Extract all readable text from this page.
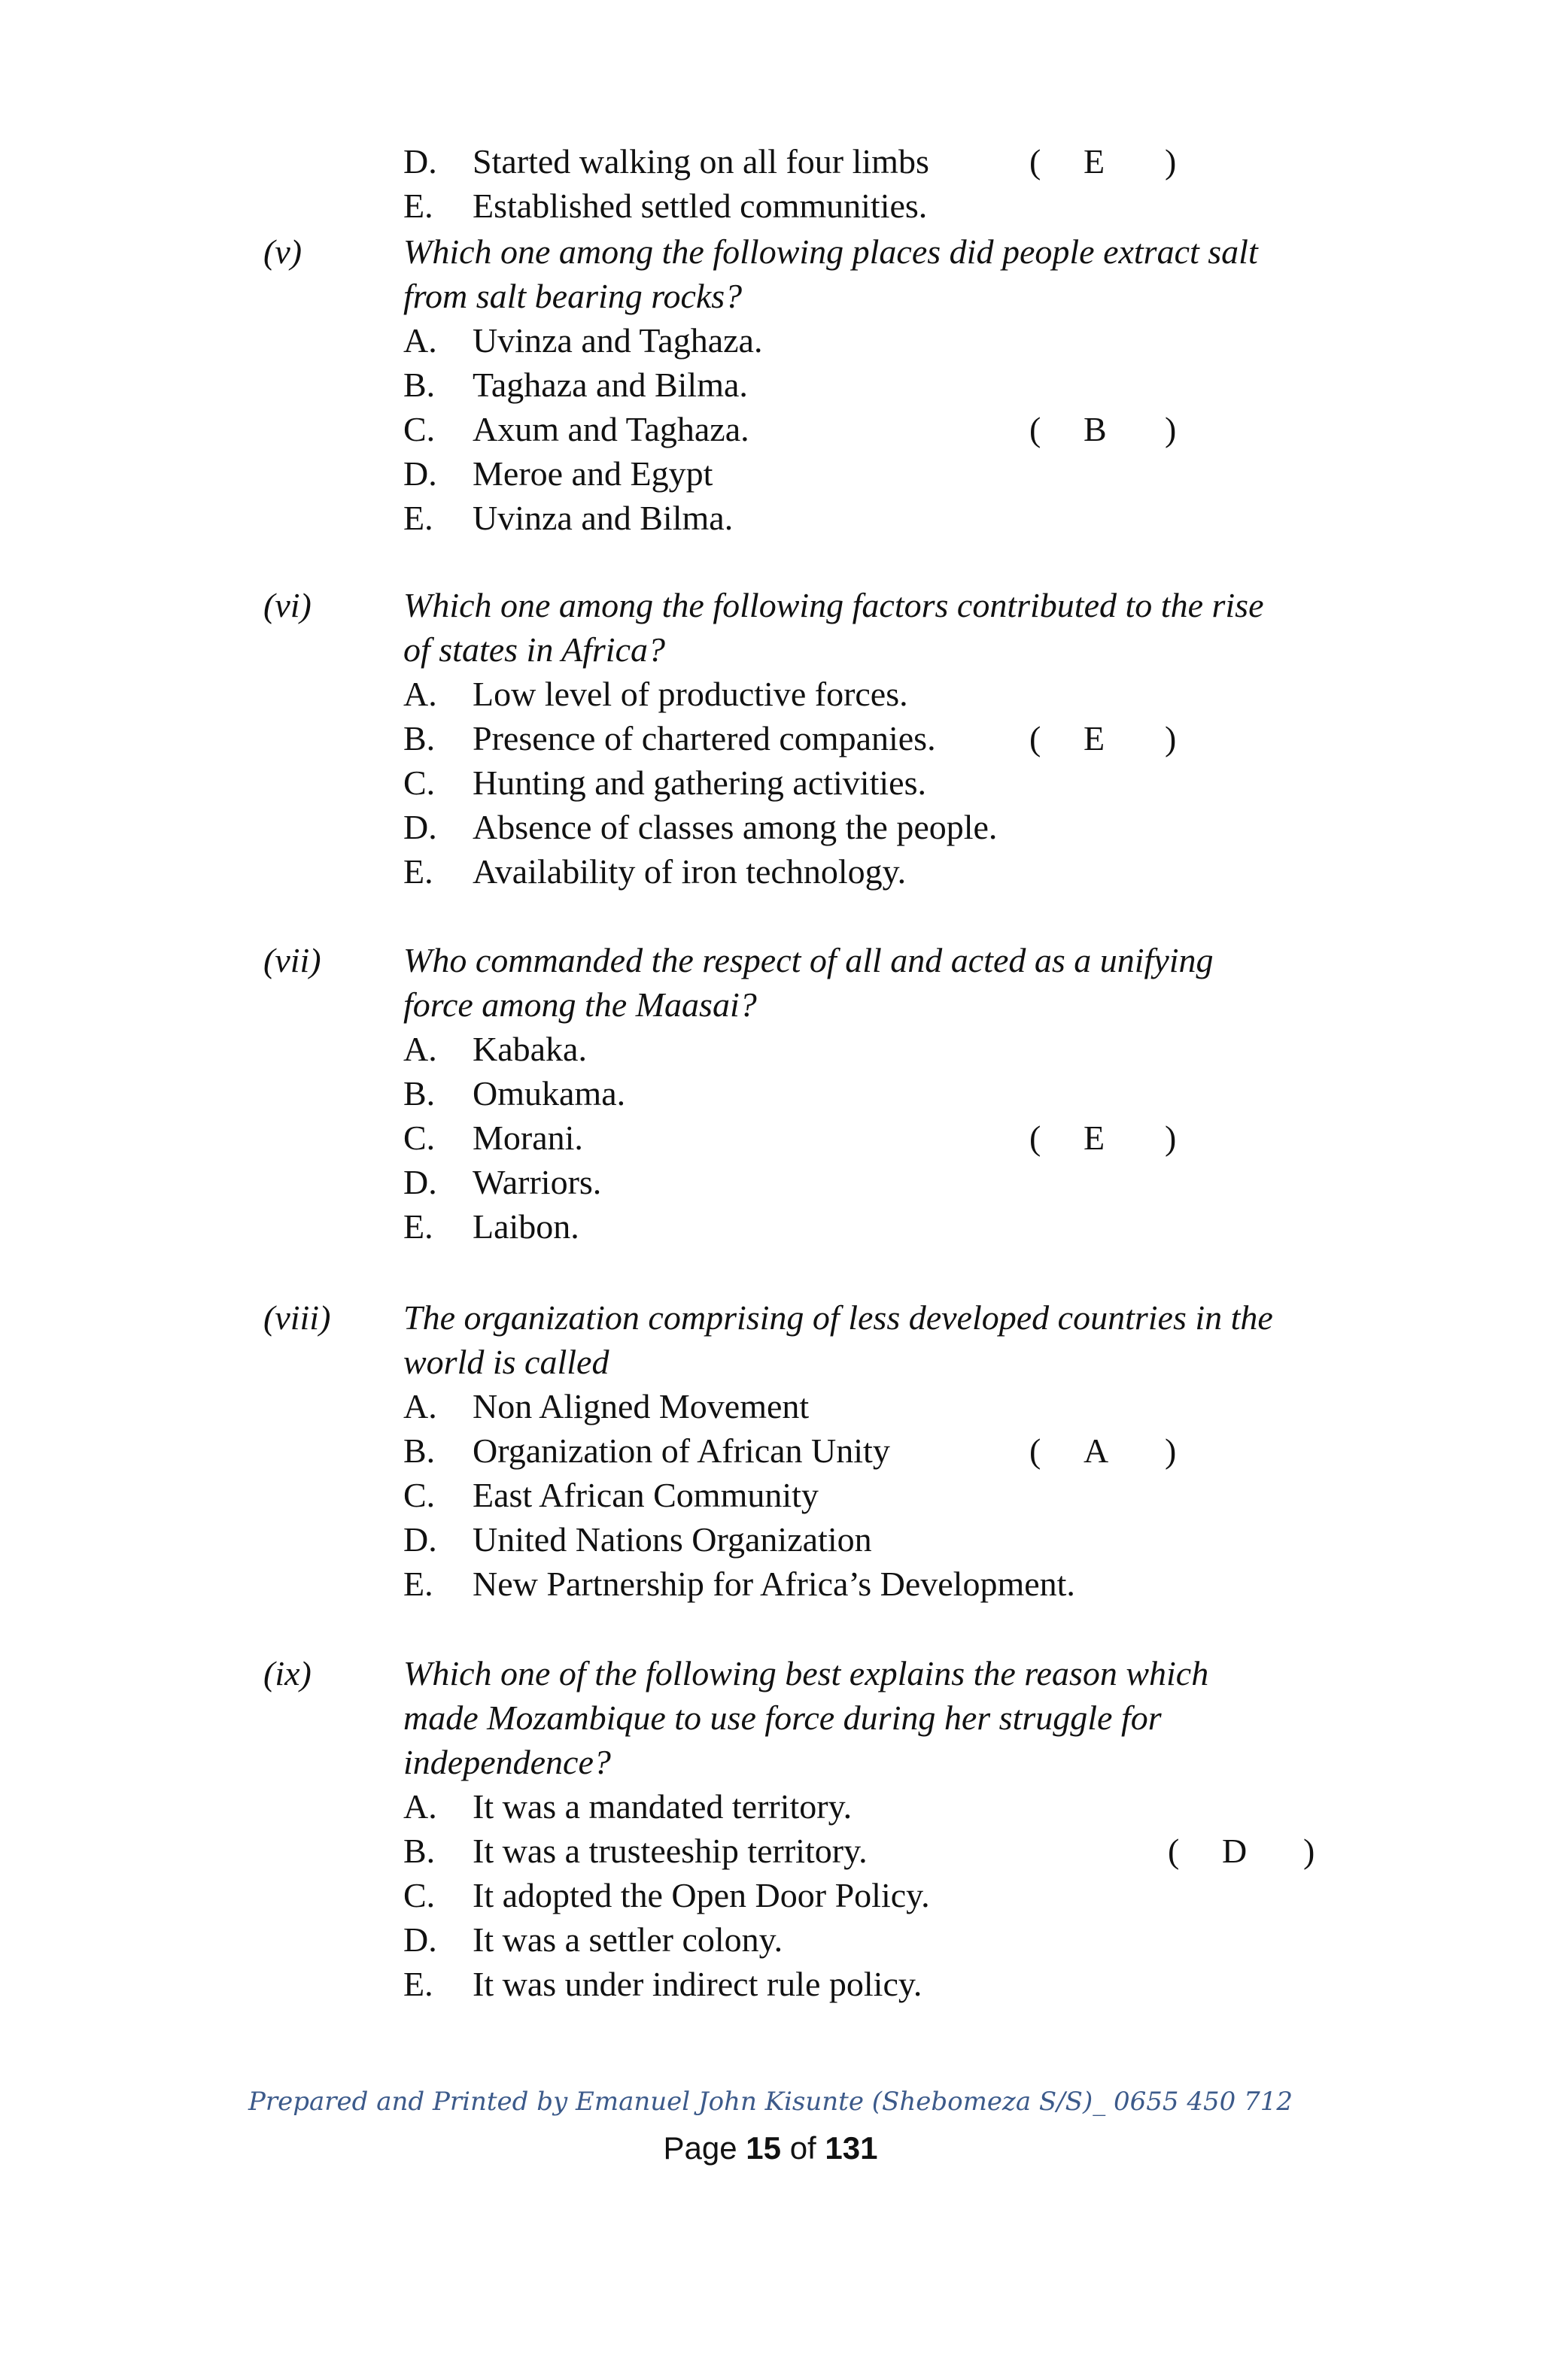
D. Started walking on all four limbs
E. Established settled communities.
( E )
(v)	Which one among the following places did people extract salt
from salt bearing rocks?
A. Uvinza and Taghaza.
B. Taghaza and Bilma.
C. Axum and Taghaza.
D. Meroe and Egypt
E. Uvinza and Bilma.
( B )
(vi)	Which one among the following factors contributed to the rise
of states in Africa?
A. Low level of productive forces.
B. Presence of chartered companies.
C. Hunting and gathering activities.
D. Absence of classes among the people.
E. Availability of iron technology.
( E )
(vii) Who commanded the respect of all and acted as a unifying
force among the Maasai?
A. Kabaka.
B. Omukama.
C. Morani.
D. Warriors.
E. Laibon.
( E )
(viii) The organization comprising of less developed countries in the
world is called
A. Non Aligned Movement
B. Organization of African Unity
C. East African Community
D. United Nations Organization
E. New Partnership for Africa’s Development.
( A )
(ix)	Which one of the following best explains the reason which
made Mozambique to use force during her struggle for
independence?
A. It was a mandated territory.
B. It was a trusteeship territory.
C. It adopted the Open Door Policy.
D. It was a settler colony.
E. It was under indirect rule policy.
( D )
Prepared and Printed by Emanuel John Kisunte (Shebomeza S/S)_ 0655 450 712
Page 15 of 131
